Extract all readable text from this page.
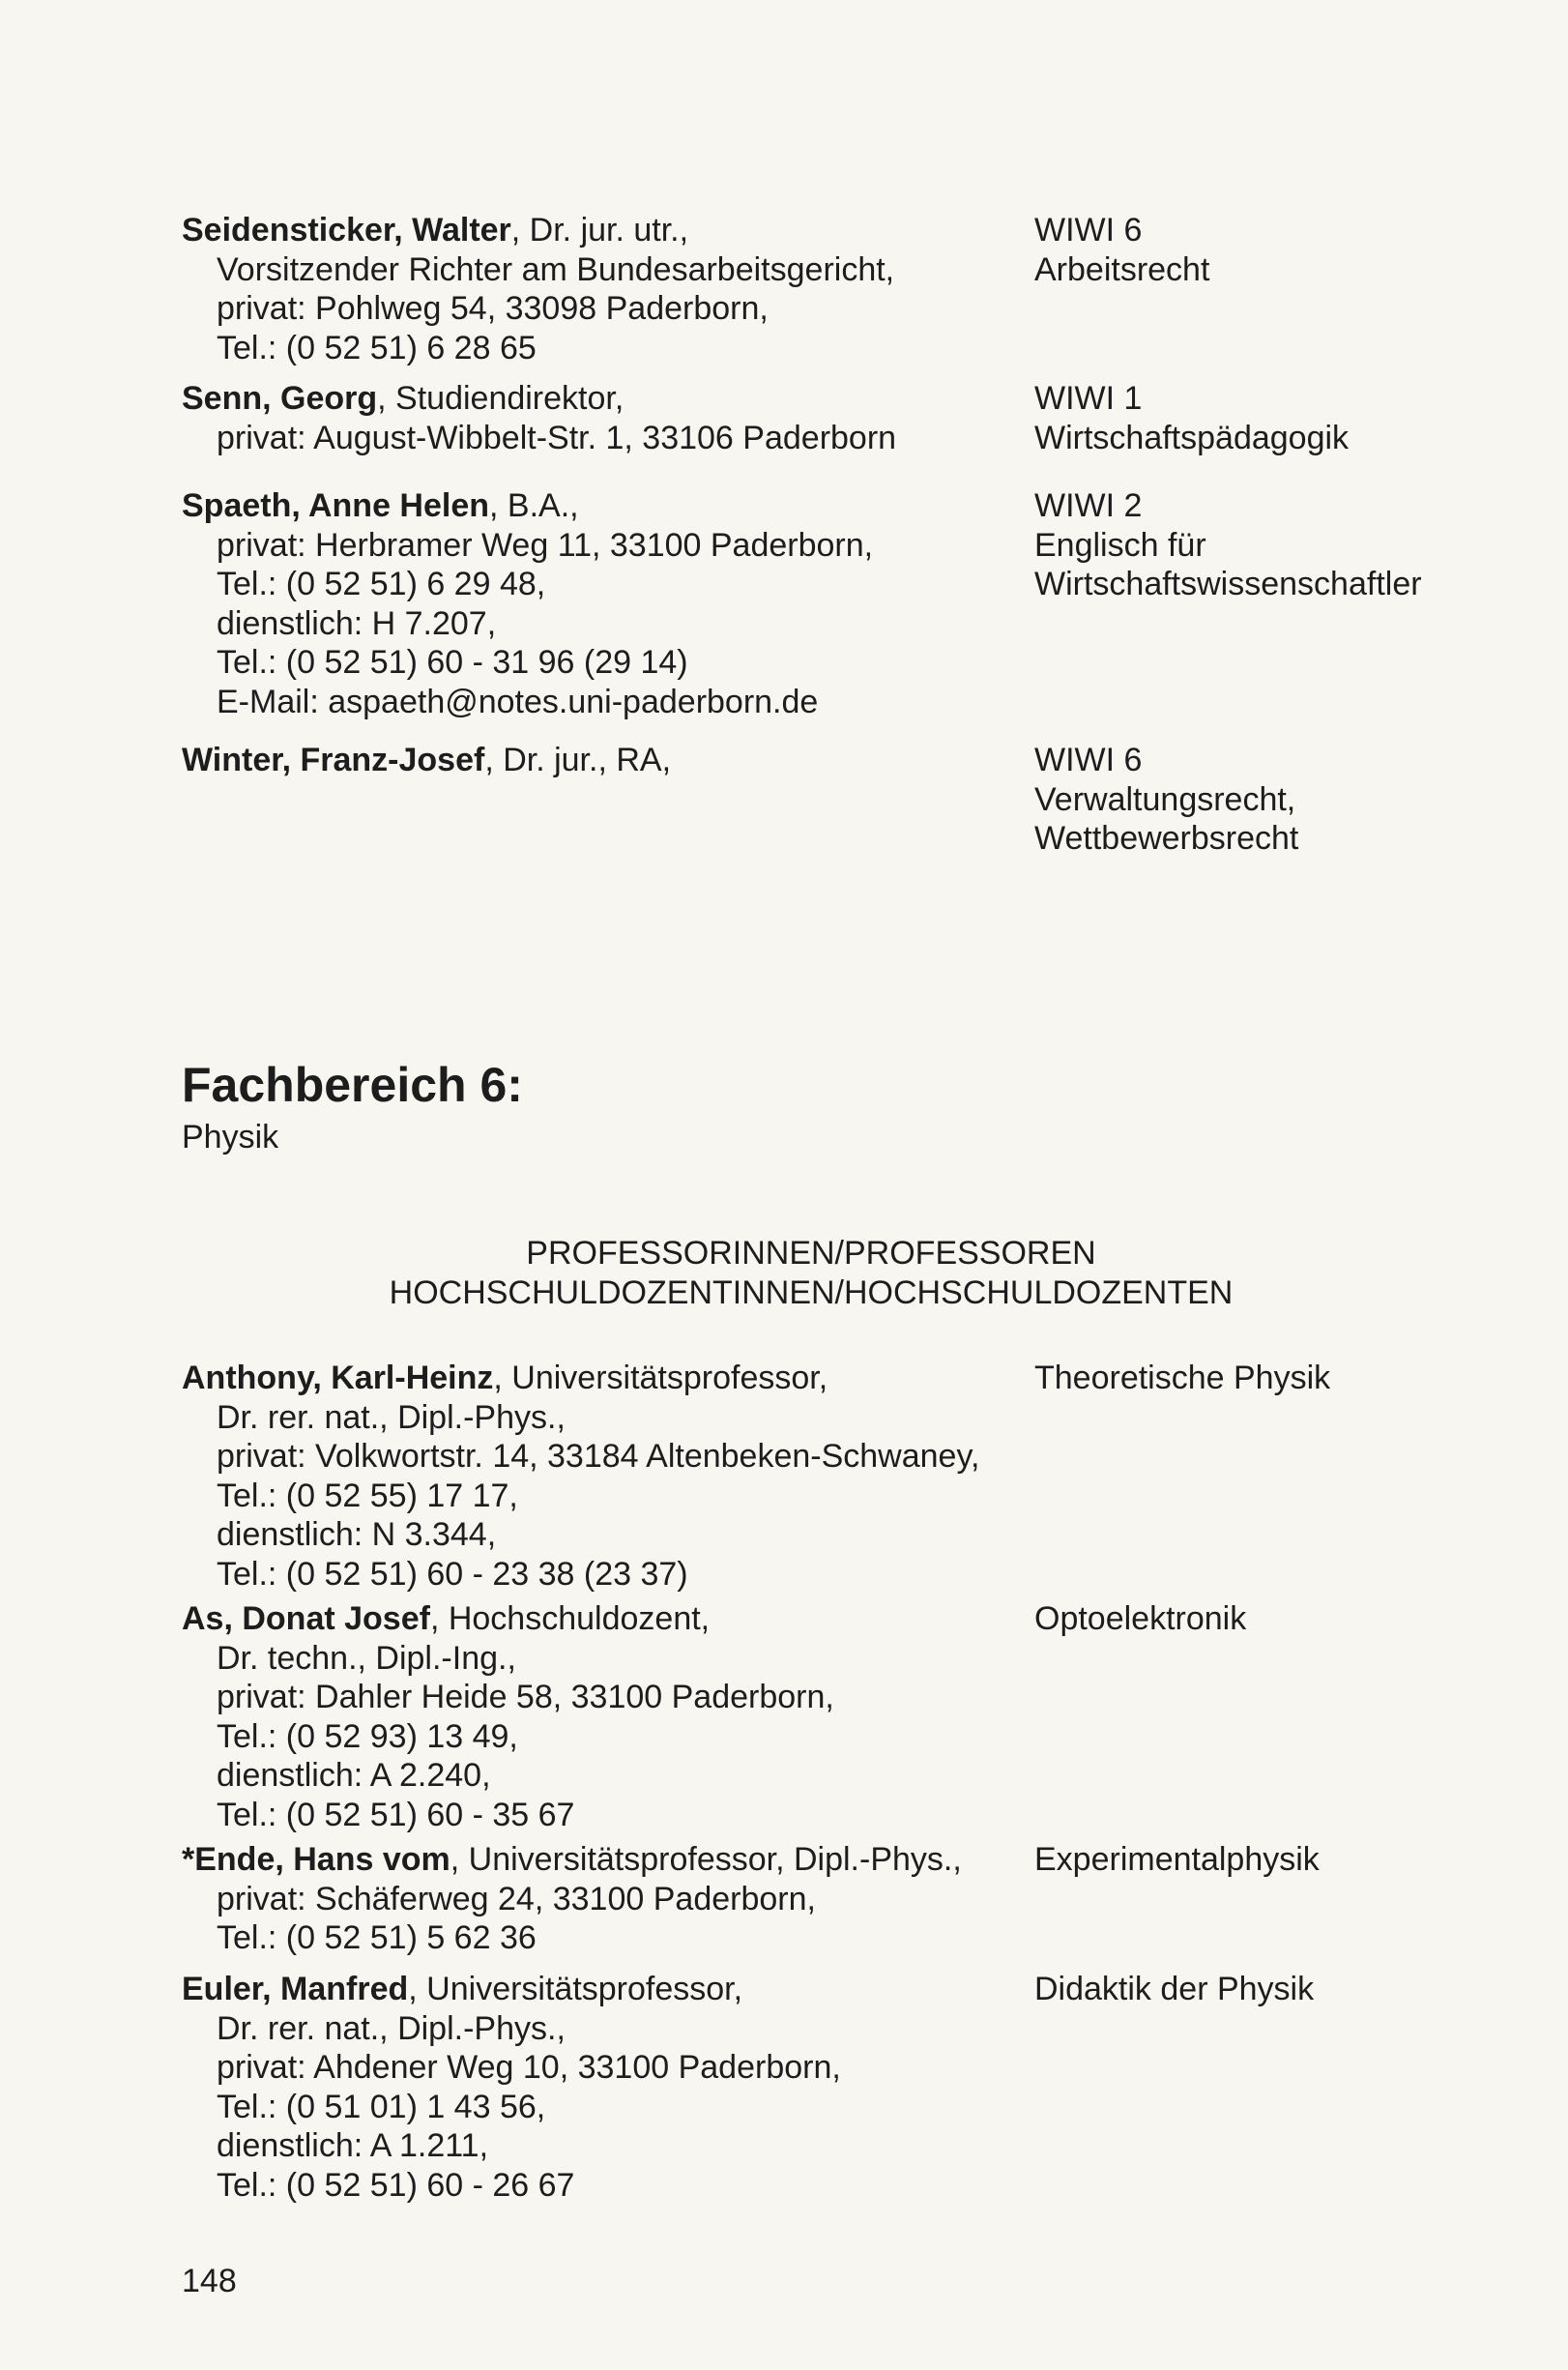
Seidensticker, Walter, Dr. jur. utr.,
Vorsitzender Richter am Bundesarbeitsgericht,
privat: Pohlweg 54, 33098 Paderborn,
Tel.: (0 52 51) 6 28 65
WIWI 6
Arbeitsrecht
Senn, Georg, Studiendirektor,
privat: August-Wibbelt-Str. 1, 33106 Paderborn
WIWI 1
Wirtschaftspädagogik
Spaeth, Anne Helen, B.A.,
privat: Herbramer Weg 11, 33100 Paderborn,
Tel.: (0 52 51) 6 29 48,
dienstlich: H 7.207,
Tel.: (0 52 51) 60 - 31 96 (29 14)
E-Mail: aspaeth@notes.uni-paderborn.de
WIWI 2
Englisch für
Wirtschaftswissenschaftler
Winter, Franz-Josef, Dr. jur., RA,	WIWI 6
Verwaltungsrecht,
Wettbewerbsrecht
Fachbereich 6:
Physik
PROFESSORINNEN/PROFESSOREN
HOCHSCHULDOZENTINNEN/HOCHSCHULDOZENTEN
Anthony, Karl-Heinz, Universitätsprofessor,
Dr. rer. nat., Dipl.-Phys.,
privat: Volkwortstr. 14, 33184 Altenbeken-Schwaney,
Tel.: (0 52 55) 17 17,
dienstlich: N 3.344,
Tel.: (0 52 51) 60 - 23 38 (23 37)
Theoretische Physik
As, Donat Josef, Hochschuldozent,
Dr. techn., Dipl.-Ing.,
privat: Dahler Heide 58, 33100 Paderborn,
Tel.: (0 52 93) 13 49,
dienstlich: A 2.240,
Tel.: (0 52 51) 60 - 35 67
Optoelektronik
*Ende, Hans vom, Universitätsprofessor, Dipl.-Phys.,
privat: Schäferweg 24, 33100 Paderborn,
Tel.: (0 52 51) 5 62 36
Experimentalphysik
Euler, Manfred, Universitätsprofessor,
Dr. rer. nat., Dipl.-Phys.,
privat: Ahdener Weg 10, 33100 Paderborn,
Tel.: (0 51 01) 1 43 56,
dienstlich: A 1.211,
Tel.: (0 52 51) 60 - 26 67
Didaktik der Physik
148
